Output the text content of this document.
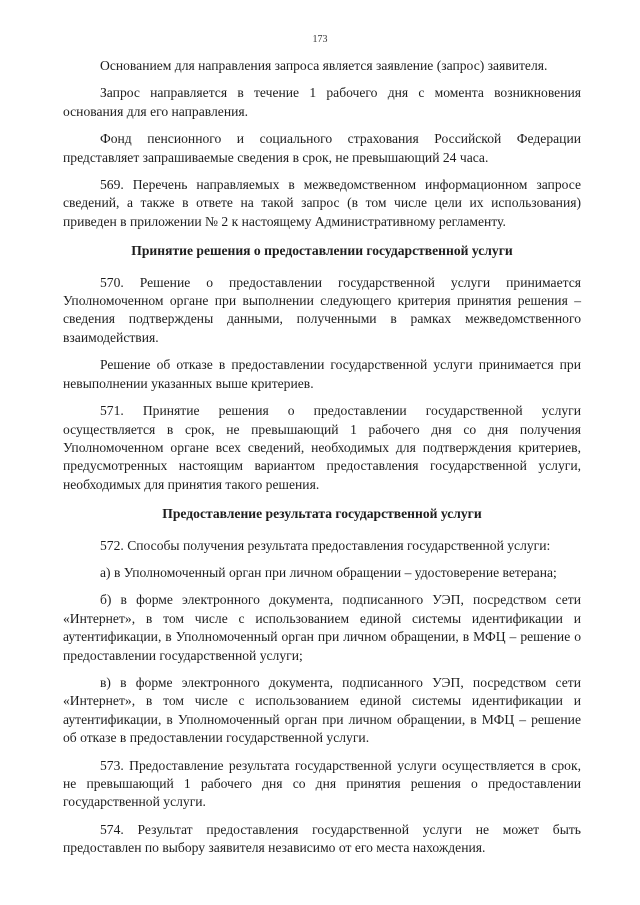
173

Основанием для направления запроса является заявление (запрос) заявителя.

Запрос направляется в течение 1 рабочего дня с момента возникновения основания для его направления.

Фонд пенсионного и социального страхования Российской Федерации представляет запрашиваемые сведения в срок, не превышающий 24 часа.

569. Перечень направляемых в межведомственном информационном запросе сведений, а также в ответе на такой запрос (в том числе цели их использования) приведен в приложении № 2 к настоящему Административному регламенту.

Принятие решения о предоставлении государственной услуги

570. Решение о предоставлении государственной услуги принимается Уполномоченном органе при выполнении следующего критерия принятия решения – сведения подтверждены данными, полученными в рамках межведомственного взаимодействия.

Решение об отказе в предоставлении государственной услуги принимается при невыполнении указанных выше критериев.

571. Принятие решения о предоставлении государственной услуги осуществляется в срок, не превышающий 1 рабочего дня со дня получения Уполномоченном органе всех сведений, необходимых для подтверждения критериев, предусмотренных настоящим вариантом предоставления государственной услуги, необходимых для принятия такого решения.

Предоставление результата государственной услуги

572. Способы получения результата предоставления государственной услуги:

а) в Уполномоченный орган при личном обращении – удостоверение ветерана;

б) в форме электронного документа, подписанного УЭП, посредством сети «Интернет», в том числе с использованием единой системы идентификации и аутентификации, в Уполномоченный орган при личном обращении, в МФЦ – решение о предоставлении государственной услуги;

в) в форме электронного документа, подписанного УЭП, посредством сети «Интернет», в том числе с использованием единой системы идентификации и аутентификации, в Уполномоченный орган при личном обращении, в МФЦ – решение об отказе в предоставлении государственной услуги.

573. Предоставление результата государственной услуги осуществляется в срок, не превышающий 1 рабочего дня со дня принятия решения о предоставлении государственной услуги.

574. Результат предоставления государственной услуги не может быть предоставлен по выбору заявителя независимо от его места нахождения.
